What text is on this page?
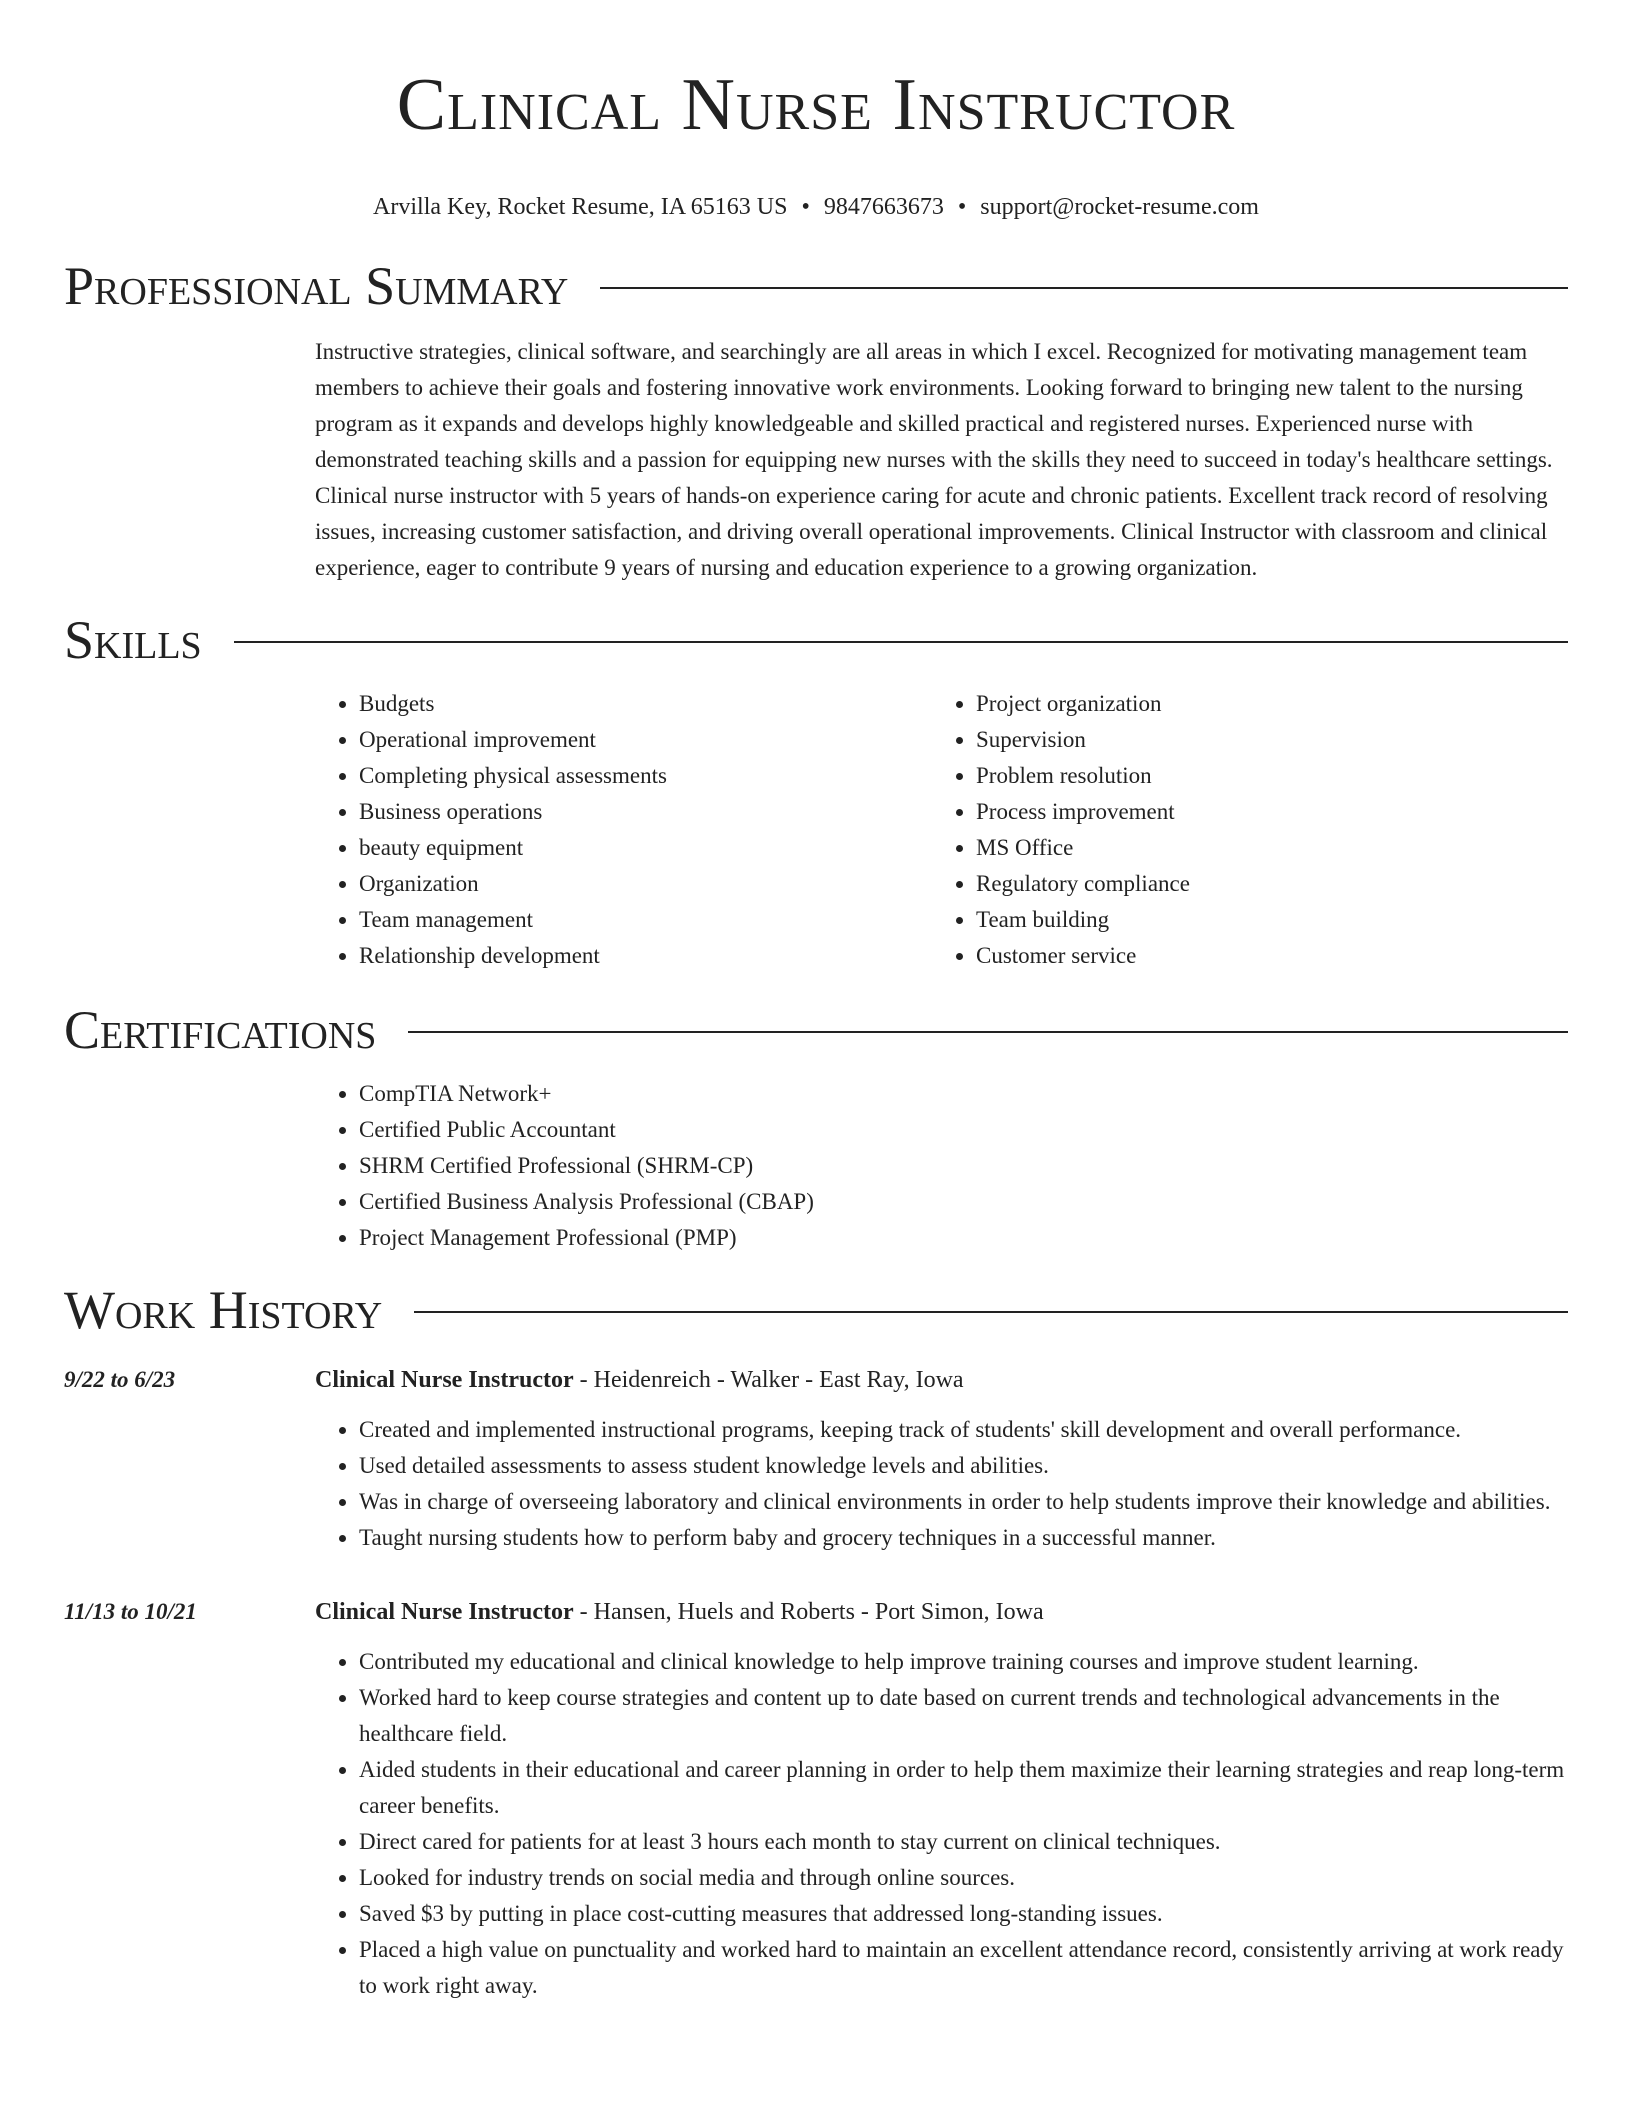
Clinical Nurse Instructor
Arvilla Key, Rocket Resume, IA 65163 US • 9847663673 • support@rocket-resume.com
Professional Summary
Instructive strategies, clinical software, and searchingly are all areas in which I excel. Recognized for motivating management team members to achieve their goals and fostering innovative work environments. Looking forward to bringing new talent to the nursing program as it expands and develops highly knowledgeable and skilled practical and registered nurses. Experienced nurse with demonstrated teaching skills and a passion for equipping new nurses with the skills they need to succeed in today's healthcare settings. Clinical nurse instructor with 5 years of hands-on experience caring for acute and chronic patients. Excellent track record of resolving issues, increasing customer satisfaction, and driving overall operational improvements. Clinical Instructor with classroom and clinical experience, eager to contribute 9 years of nursing and education experience to a growing organization.
Skills
• Budgets
• Operational improvement
• Completing physical assessments
• Business operations
• beauty equipment
• Organization
• Team management
• Relationship development
• Project organization
• Supervision
• Problem resolution
• Process improvement
• MS Office
• Regulatory compliance
• Team building
• Customer service
Certifications
• CompTIA Network+
• Certified Public Accountant
• SHRM Certified Professional (SHRM-CP)
• Certified Business Analysis Professional (CBAP)
• Project Management Professional (PMP)
Work History
9/22 to 6/23	Clinical Nurse Instructor - Heidenreich - Walker - East Ray, Iowa
• Created and implemented instructional programs, keeping track of students' skill development and overall performance.
• Used detailed assessments to assess student knowledge levels and abilities.
• Was in charge of overseeing laboratory and clinical environments in order to help students improve their knowledge and abilities.
• Taught nursing students how to perform baby and grocery techniques in a successful manner.
11/13 to 10/21	Clinical Nurse Instructor - Hansen, Huels and Roberts - Port Simon, Iowa
• Contributed my educational and clinical knowledge to help improve training courses and improve student learning.
• Worked hard to keep course strategies and content up to date based on current trends and technological advancements in the healthcare field.
• Aided students in their educational and career planning in order to help them maximize their learning strategies and reap long-term career benefits.
• Direct cared for patients for at least 3 hours each month to stay current on clinical techniques.
• Looked for industry trends on social media and through online sources.
• Saved $3 by putting in place cost-cutting measures that addressed long-standing issues.
• Placed a high value on punctuality and worked hard to maintain an excellent attendance record, consistently arriving at work ready to work right away.
